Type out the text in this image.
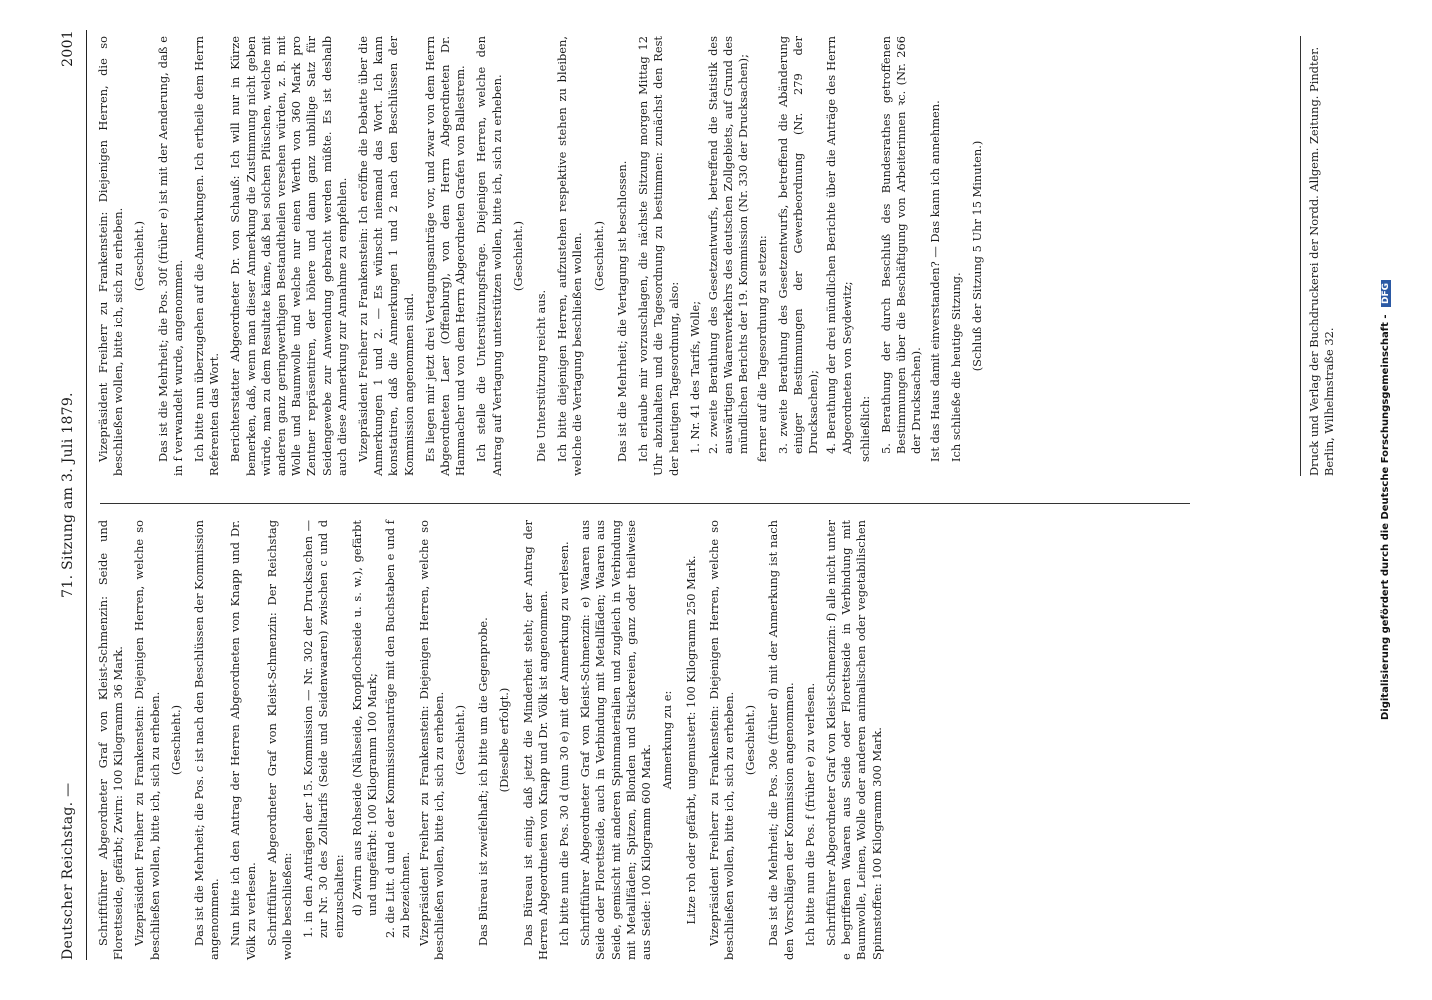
Deutscher Reichstag. —
71. Sitzung am 3. Juli 1879.
2001

Schriftführer Abgeordneter Graf von Kleist-Schmenzin: Seide und Florettseide, gefärbt; Zwirn: 100 Kilogramm 36 Mark. Vizepräsident Freiherr zu Frankenstein: Diejenigen Herren, welche so beschließen wollen, bitte ich, sich zu erheben. (Geschieht.) Das ist die Mehrheit; die Pos. c ist nach den Beschlüssen der Kommission angenommen. Nun bitte ich den Antrag der Herren Abgeordneten von Knapp und Dr. Völk zu verlesen. Schriftführer Abgeordneter Graf von Kleist-Schmenzin: Der Reichstag wolle beschließen: 1. in den Anträgen der 15. Kommission — Nr. 302 der Drucksachen — zur Nr. 30 des Zolltarifs (Seide und Seidenwaaren) zwischen c und d einzuschalten: d) Zwirn aus Rohseide (Nähseide, Knopflochseide u. s. w.), gefärbt und ungefärbt: 100 Kilogramm 100 Mark; 2. die Litt. d und e der Kommissionsanträge mit den Buchstaben e und f zu bezeichnen. Vizepräsident Freiherr zu Frankenstein: Diejenigen Herren, welche so beschließen wollen, bitte ich, sich zu erheben. (Geschieht.) Das Büreau ist zweifelhaft; ich bitte um die Gegenprobe. (Dieselbe erfolgt.) Das Büreau ist einig, daß jetzt die Minderheit steht; der Antrag der Herren Abgeordneten von Knapp und Dr. Völk ist angenommen. Ich bitte nun die Pos. 30 d (nun 30 e) mit der Anmerkung zu verlesen. Schriftführer Abgeordneter Graf von Kleist-Schmenzin: e) Waaren aus Seide oder Florettseide, auch in Verbindung mit Metallfäden; Waaren aus Seide, gemischt mit anderen Spinnmaterialien und zugleich in Verbindung mit Metallfäden; Spitzen, Blonden und Stickereien, ganz oder theilweise aus Seide: 100 Kilogramm 600 Mark.

Anmerkung zu e: Litze roh oder gefärbt, ungemustert: 100 Kilogramm 250 Mark. Vizepräsident Freiherr zu Frankenstein: Diejenigen Herren, welche so beschließen wollen, bitte ich, sich zu erheben. (Geschieht.) Das ist die Mehrheit; die Pos. 30e (früher d) mit der Anmerkung ist nach den Vorschlägen der Kommission angenommen. Ich bitte nun die Pos. f (früher e) zu verlesen. Schriftführer Abgeordneter Graf von Kleist-Schmenzin: f) alle nicht unter e begriffenen Waaren aus Seide oder Florettseide in Verbindung mit Baumwolle, Leinen, Wolle oder anderen animalischen oder vegetabilischen Spinnstoffen: 100 Kilogramm 300 Mark.

Vizepräsident Freiherr zu Frankenstein: Diejenigen Herren, die so beschließen wollen, bitte ich, sich zu erheben. (Geschieht.) Das ist die Mehrheit; die Pos. 30f (früher e) ist mit der Aenderung, daß e in f verwandelt wurde, angenommen. Ich bitte nun überzugehen auf die Anmerkungen. Ich ertheile dem Herrn Referenten das Wort. Berichterstatter Abgeordneter Dr. von Schauß: Ich will nur in Kürze bemerken, daß, wenn man dieser Anmerkung die Zustimmung nicht geben würde, man zu dem Resultate käme, daß bei solchen Plüschen, welche mit anderen ganz geringwerthigen Bestandtheilen versehen würden, z. B. mit Wolle und Baumwolle und welche nur einen Werth von 360 Mark pro Zentner repräsentiren, der höhere und dann ganz unbillige Satz für Seidengewebe zur Anwendung gebracht werden müßte. Es ist deshalb auch diese Anmerkung zur Annahme zu empfehlen. Vizepräsident Freiherr zu Frankenstein: Ich eröffne die Debatte über die Anmerkungen 1 und 2. — Es wünscht niemand das Wort. Ich kann konstatiren, daß die Anmerkungen 1 und 2 nach den Beschlüssen der Kommission angenommen sind. Es liegen mir jetzt drei Vertagungsanträge vor, und zwar von dem Herrn Abgeordneten Laer (Offenburg), von dem Herrn Abgeordneten Dr. Hammacher und von dem Herrn Abgeordneten Grafen von Ballestrem. Ich stelle die Unterstützungsfrage. Diejenigen Herren, welche den Antrag auf Vertagung unterstützen wollen, bitte ich, sich zu erheben. (Geschieht.)

Die Unterstützung reicht aus. Ich bitte diejenigen Herren, aufzustehen respektive stehen zu bleiben, welche die Vertagung beschließen wollen. (Geschieht.) Das ist die Mehrheit; die Vertagung ist beschlossen. Ich erlaube mir vorzuschlagen, die nächste Sitzung morgen Mittag 12 Uhr abzuhalten und die Tagesordnung zu bestimmen: zunächst den Rest der heutigen Tagesordnung, also: 1. Nr. 41 des Tarifs, Wolle; 2. zweite Berathung des Gesetzentwurfs, betreffend die Statistik des auswärtigen Waarenverkehrs des deutschen Zollgebiets, auf Grund des mündlichen Berichts der 19. Kommission (Nr. 330 der Drucksachen); ferner auf die Tagesordnung zu setzen: 3. zweite Berathung des Gesetzentwurfs, betreffend die Abänderung einiger Bestimmungen der Gewerbeordnung (Nr. 279 der Drucksachen); 4. Berathung der drei mündlichen Berichte über die Anträge des Herrn Abgeordneten von Seydewitz; schließlich: 5. Berathung der durch Beschluß des Bundesrathes getroffenen Bestimmungen über die Beschäftigung von Arbeiterinnen ꝛc. (Nr. 266 der Drucksachen). Ist das Haus damit einverstanden? — Das kann ich annehmen. Ich schließe die heutige Sitzung. (Schluß der Sitzung 5 Uhr 15 Minuten.)	Druck und Verlag der Buchdruckerei der Nordd. Allgem. Zeitung. Pindter. Berlin, Wilhelmstraße 32.	Digitalisierung gefördert durch die Deutsche Forschungsgemeinschaft - DFG
